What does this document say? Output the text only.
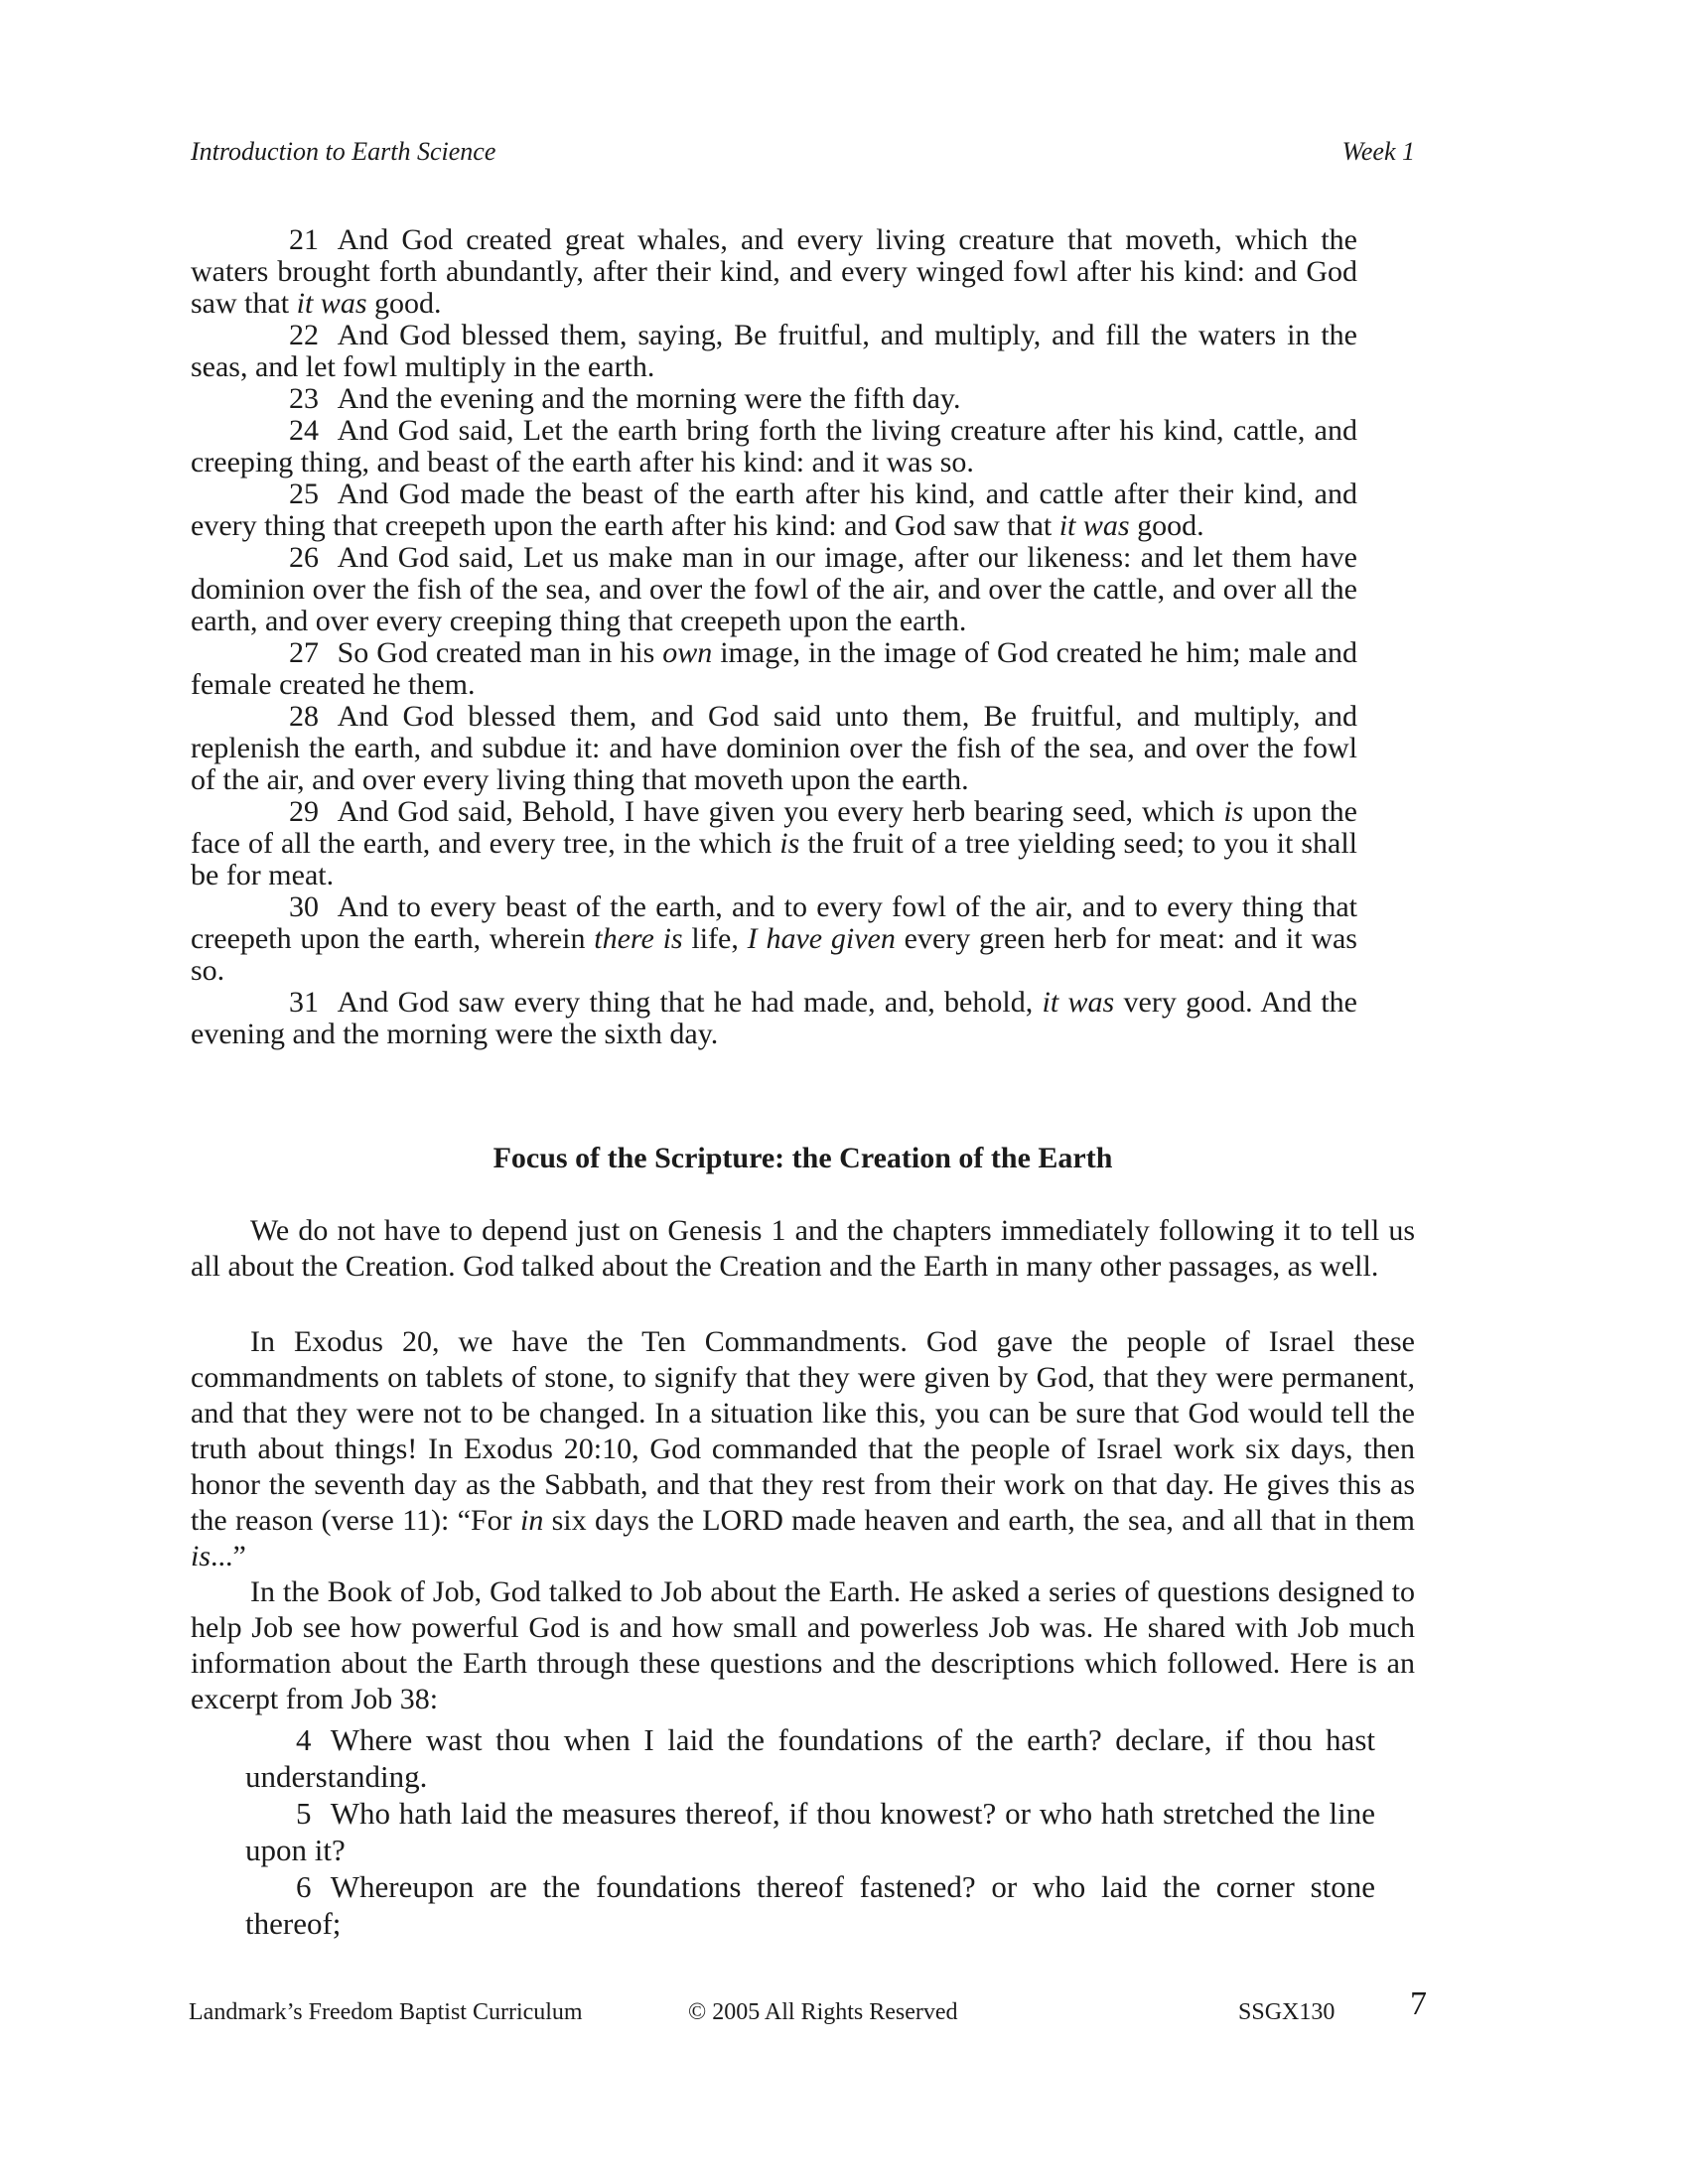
Introduction to Earth Science	Week 1

21 And God created great whales, and every living creature that moveth, which the waters brought forth abundantly, after their kind, and every winged fowl after his kind: and God saw that it was good.

22 And God blessed them, saying, Be fruitful, and multiply, and fill the waters in the seas, and let fowl multiply in the earth.

23 And the evening and the morning were the fifth day.

24 And God said, Let the earth bring forth the living creature after his kind, cattle, and creeping thing, and beast of the earth after his kind: and it was so.

25 And God made the beast of the earth after his kind, and cattle after their kind, and every thing that creepeth upon the earth after his kind: and God saw that it was good.

26 And God said, Let us make man in our image, after our likeness: and let them have dominion over the fish of the sea, and over the fowl of the air, and over the cattle, and over all the earth, and over every creeping thing that creepeth upon the earth.

27 So God created man in his own image, in the image of God created he him; male and female created he them.

28 And God blessed them, and God said unto them, Be fruitful, and multiply, and replenish the earth, and subdue it: and have dominion over the fish of the sea, and over the fowl of the air, and over every living thing that moveth upon the earth.

29 And God said, Behold, I have given you every herb bearing seed, which is upon the face of all the earth, and every tree, in the which is the fruit of a tree yielding seed; to you it shall be for meat.

30 And to every beast of the earth, and to every fowl of the air, and to every thing that creepeth upon the earth, wherein there is life, I have given every green herb for meat: and it was so.

31 And God saw every thing that he had made, and, behold, it was very good. And the evening and the morning were the sixth day.

Focus of the Scripture: the Creation of the Earth

We do not have to depend just on Genesis 1 and the chapters immediately following it to tell us all about the Creation. God talked about the Creation and the Earth in many other passages, as well.

In Exodus 20, we have the Ten Commandments. God gave the people of Israel these commandments on tablets of stone, to signify that they were given by God, that they were permanent, and that they were not to be changed. In a situation like this, you can be sure that God would tell the truth about things! In Exodus 20:10, God commanded that the people of Israel work six days, then honor the seventh day as the Sabbath, and that they rest from their work on that day. He gives this as the reason (verse 11): “For in six days the LORD made heaven and earth, the sea, and all that in them is...”

In the Book of Job, God talked to Job about the Earth. He asked a series of questions designed to help Job see how powerful God is and how small and powerless Job was. He shared with Job much information about the Earth through these questions and the descriptions which followed. Here is an excerpt from Job 38:

4 Where wast thou when I laid the foundations of the earth? declare, if thou hast understanding.

5 Who hath laid the measures thereof, if thou knowest? or who hath stretched the line upon it?

6 Whereupon are the foundations thereof fastened? or who laid the corner stone thereof;

Landmark’s Freedom Baptist Curriculum	© 2005 All Rights Reserved	SSGX130 7
